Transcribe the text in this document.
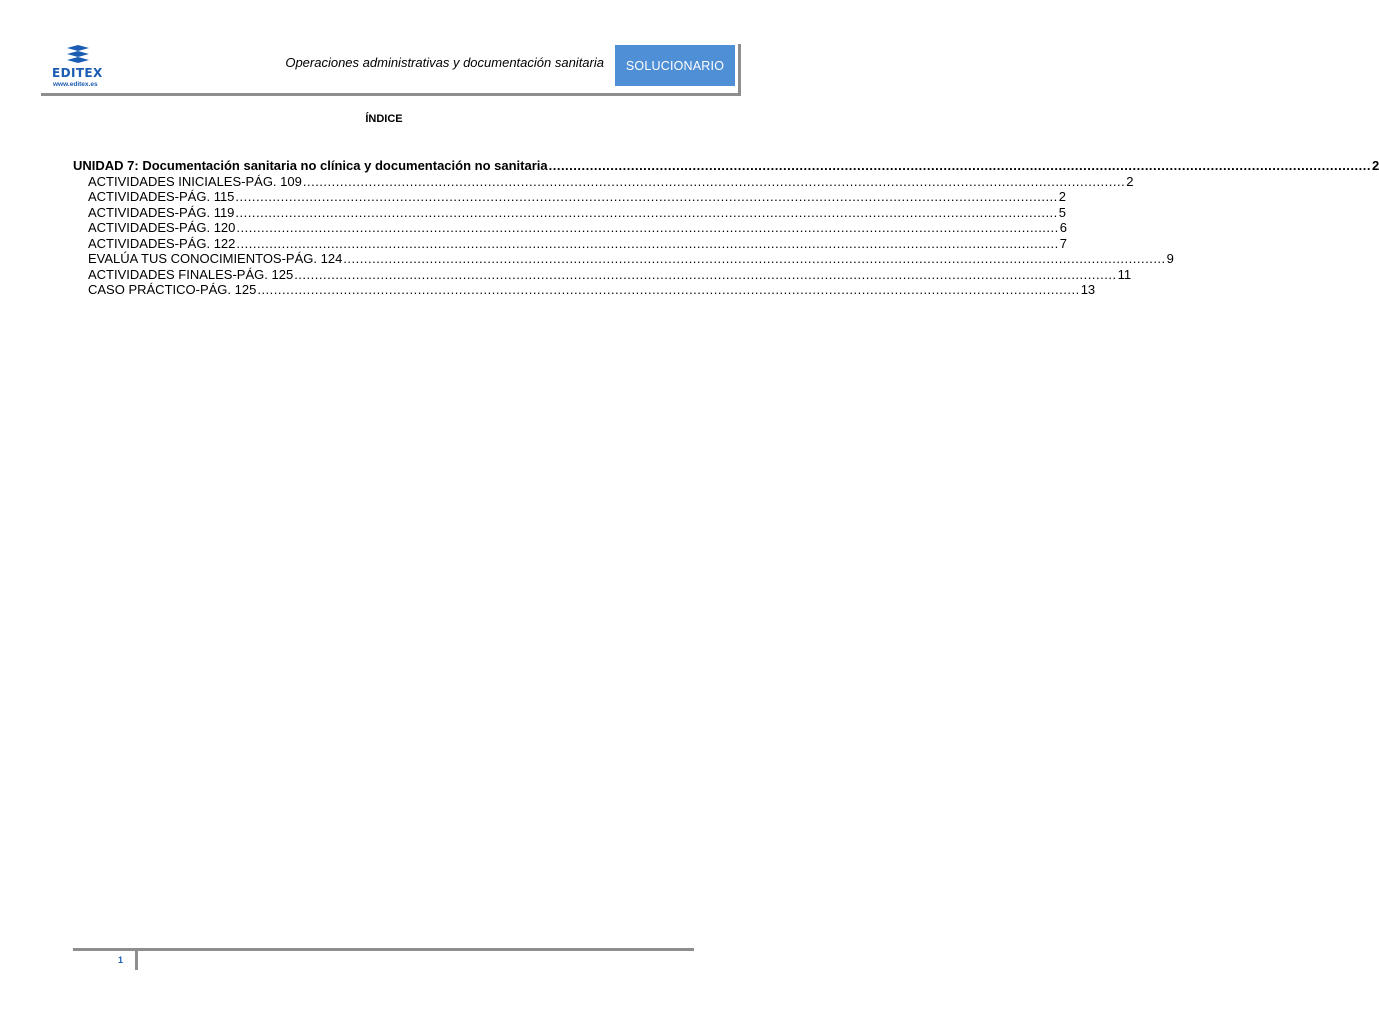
EDITEX
www.editex.es
Operaciones administrativas y documentación sanitaria	SOLUCIONARIO
ÍNDICE
UNIDAD 7: Documentación sanitaria no clínica y documentación no sanitaria ........................................................................................................................................................................................................ 2
ACTIVIDADES INICIALES-PÁG. 109 ........................................................................................................................................................................................................ 2
ACTIVIDADES-PÁG. 115 ........................................................................................................................................................................................................ 2
ACTIVIDADES-PÁG. 119 ........................................................................................................................................................................................................ 5
ACTIVIDADES-PÁG. 120 ........................................................................................................................................................................................................ 6
ACTIVIDADES-PÁG. 122 ........................................................................................................................................................................................................ 7
EVALÚA TUS CONOCIMIENTOS-PÁG. 124 ........................................................................................................................................................................................................ 9
ACTIVIDADES FINALES-PÁG. 125 ........................................................................................................................................................................................................ 11
CASO PRÁCTICO-PÁG. 125 ........................................................................................................................................................................................................ 13
1
